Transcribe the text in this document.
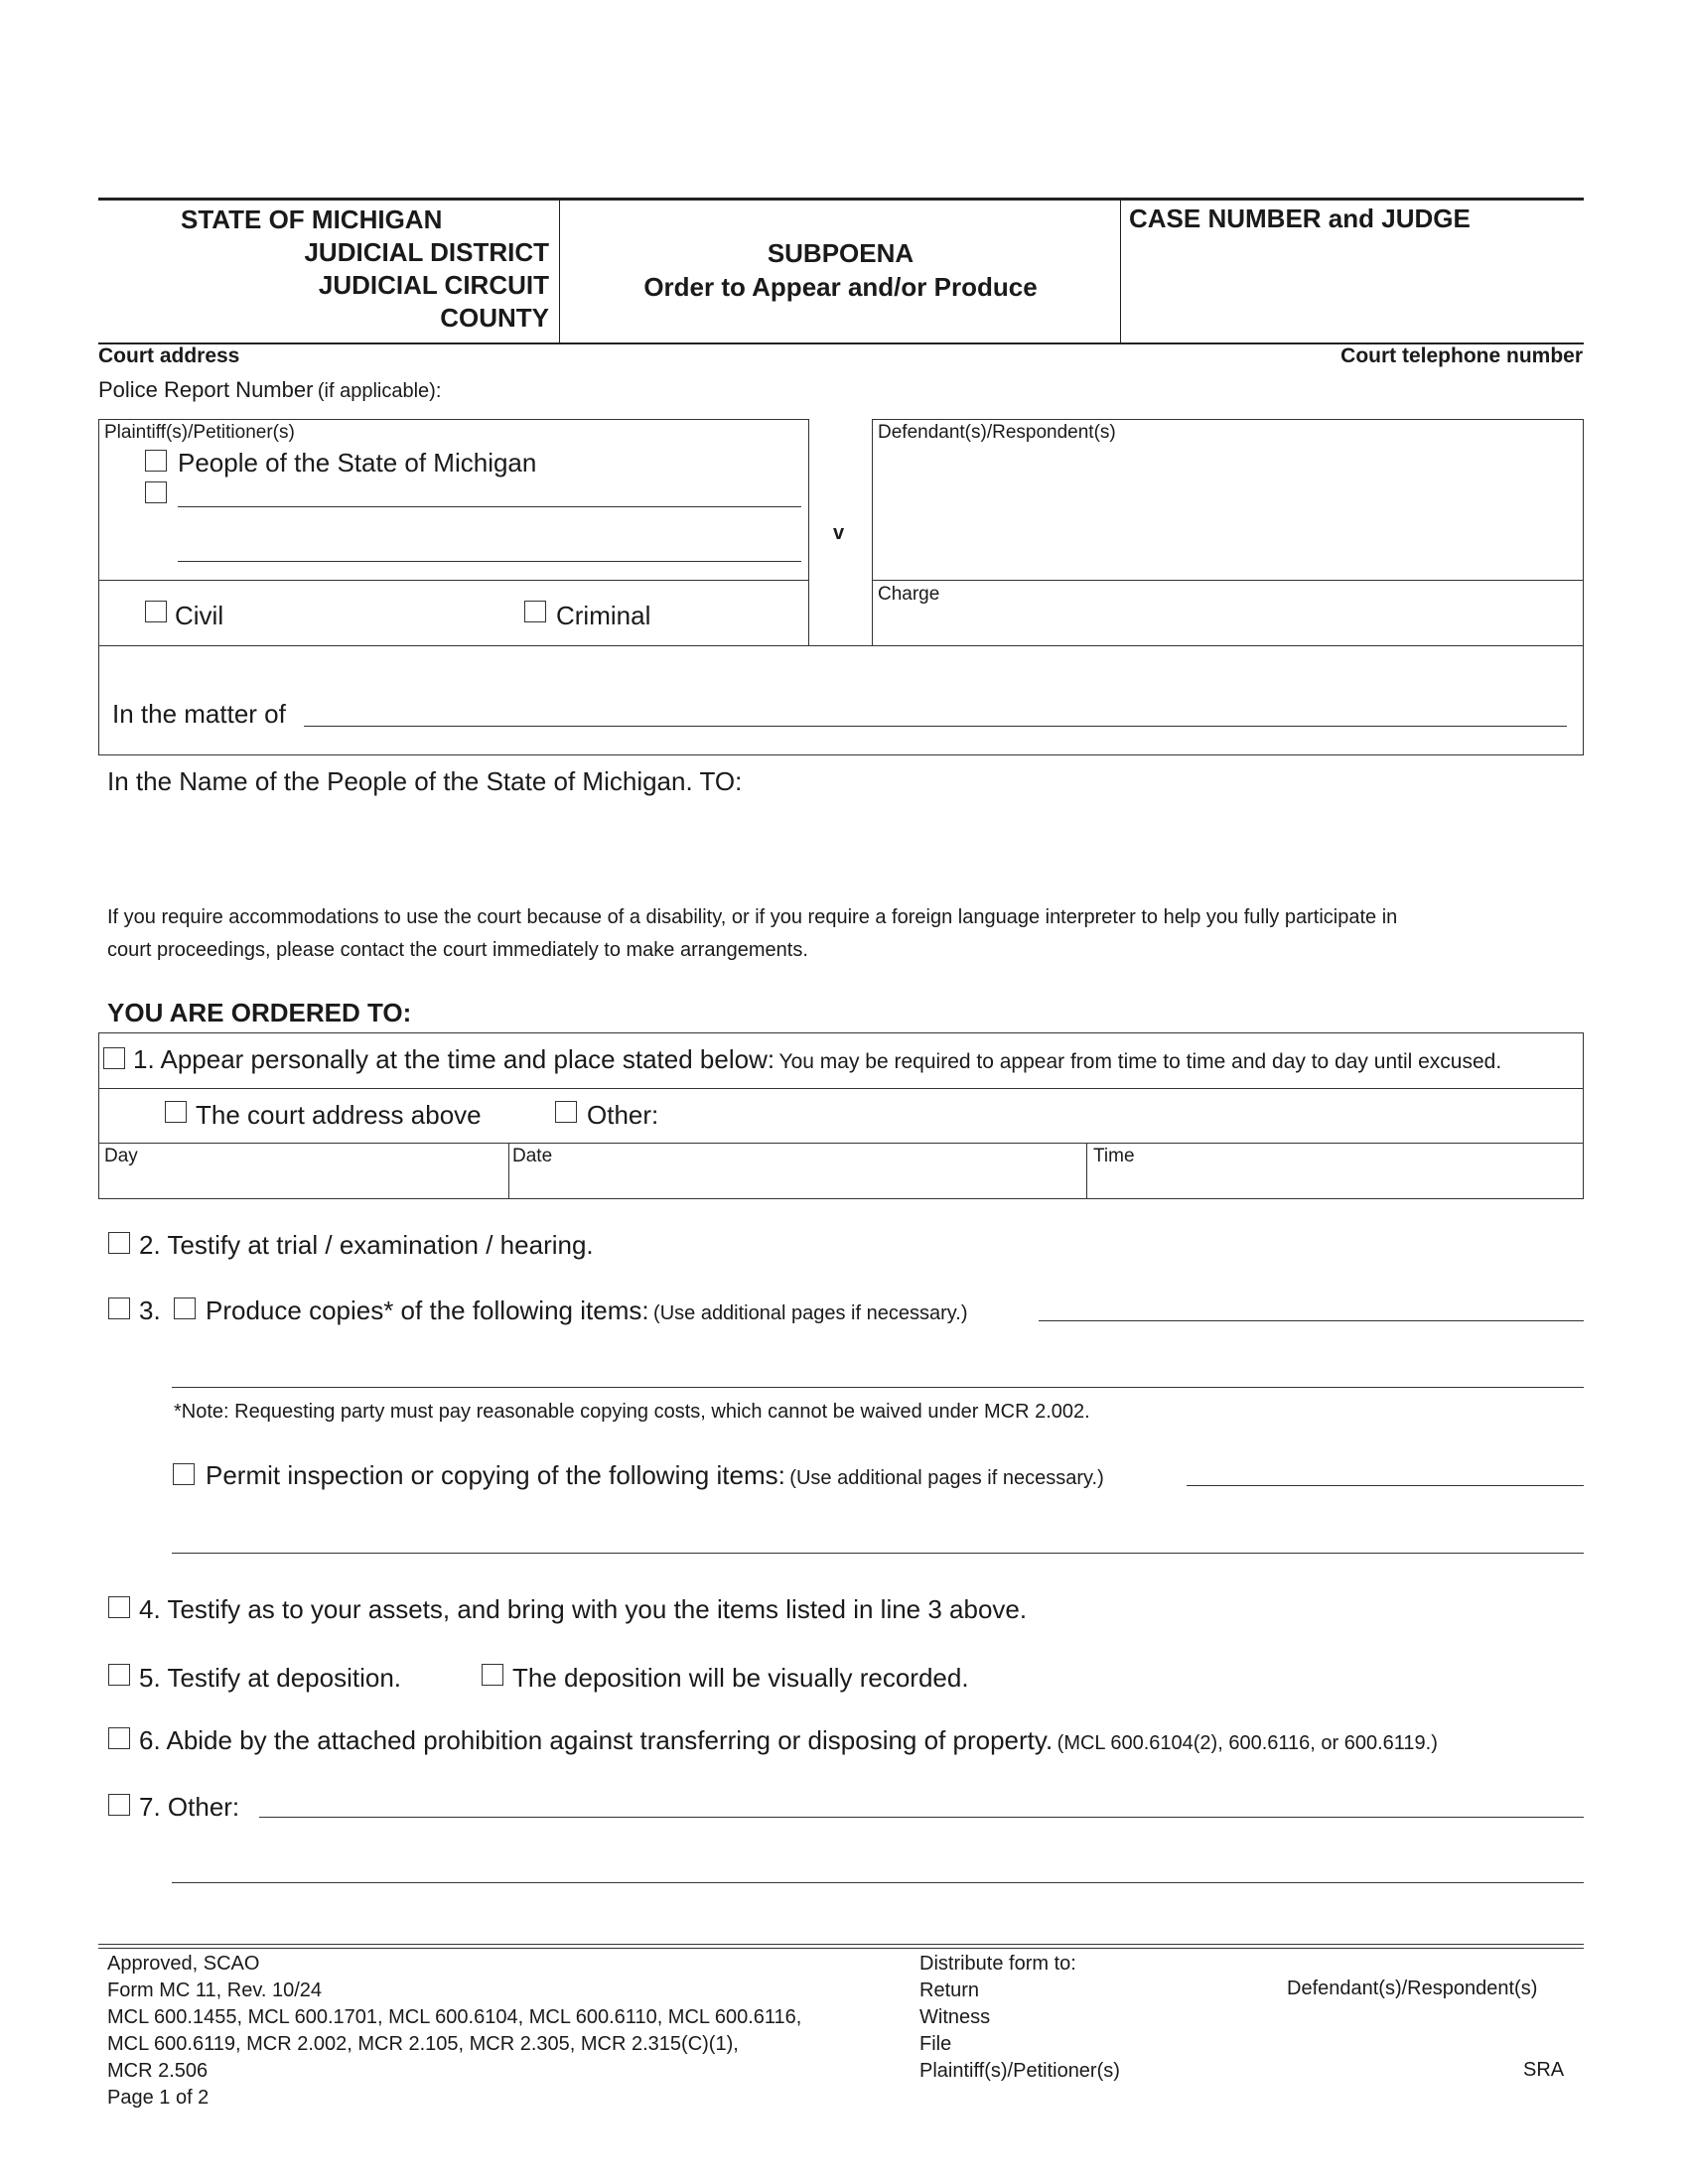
STATE OF MICHIGAN
JUDICIAL DISTRICT
JUDICIAL CIRCUIT
COUNTY
SUBPOENA
Order to Appear and/or Produce
CASE NUMBER and JUDGE
Court address	Court telephone number
Police Report Number (if applicable):
Plaintiff(s)/Petitioner(s)
People of the State of Michigan
Civil	Criminal
v
Defendant(s)/Respondent(s)
Charge
In the matter of
In the Name of the People of the State of Michigan. TO:
If you require accommodations to use the court because of a disability, or if you require a foreign language interpreter to help you fully participate in
court proceedings, please contact the court immediately to make arrangements.
YOU ARE ORDERED TO:
1. Appear personally at the time and place stated below: You may be required to appear from time to time and day to day until excused.
The court address above	Other:
Day	Date	Time
2. Testify at trial / examination / hearing.
3. Produce copies* of the following items: (Use additional pages if necessary.)
*Note: Requesting party must pay reasonable copying costs, which cannot be waived under MCR 2.002.
Permit inspection or copying of the following items: (Use additional pages if necessary.)
4. Testify as to your assets, and bring with you the items listed in line 3 above.
5. Testify at deposition.	The deposition will be visually recorded.
6. Abide by the attached prohibition against transferring or disposing of property. (MCL 600.6104(2), 600.6116, or 600.6119.)
7. Other:
Approved, SCAO
Form MC 11, Rev. 10/24
MCL 600.1455, MCL 600.1701, MCL 600.6104, MCL 600.6110, MCL 600.6116,
MCL 600.6119, MCR 2.002, MCR 2.105, MCR 2.305, MCR 2.315(C)(1),
MCR 2.506
Page 1 of 2
Distribute form to:
Return
Witness
File
Plaintiff(s)/Petitioner(s)
Defendant(s)/Respondent(s)
SRA
